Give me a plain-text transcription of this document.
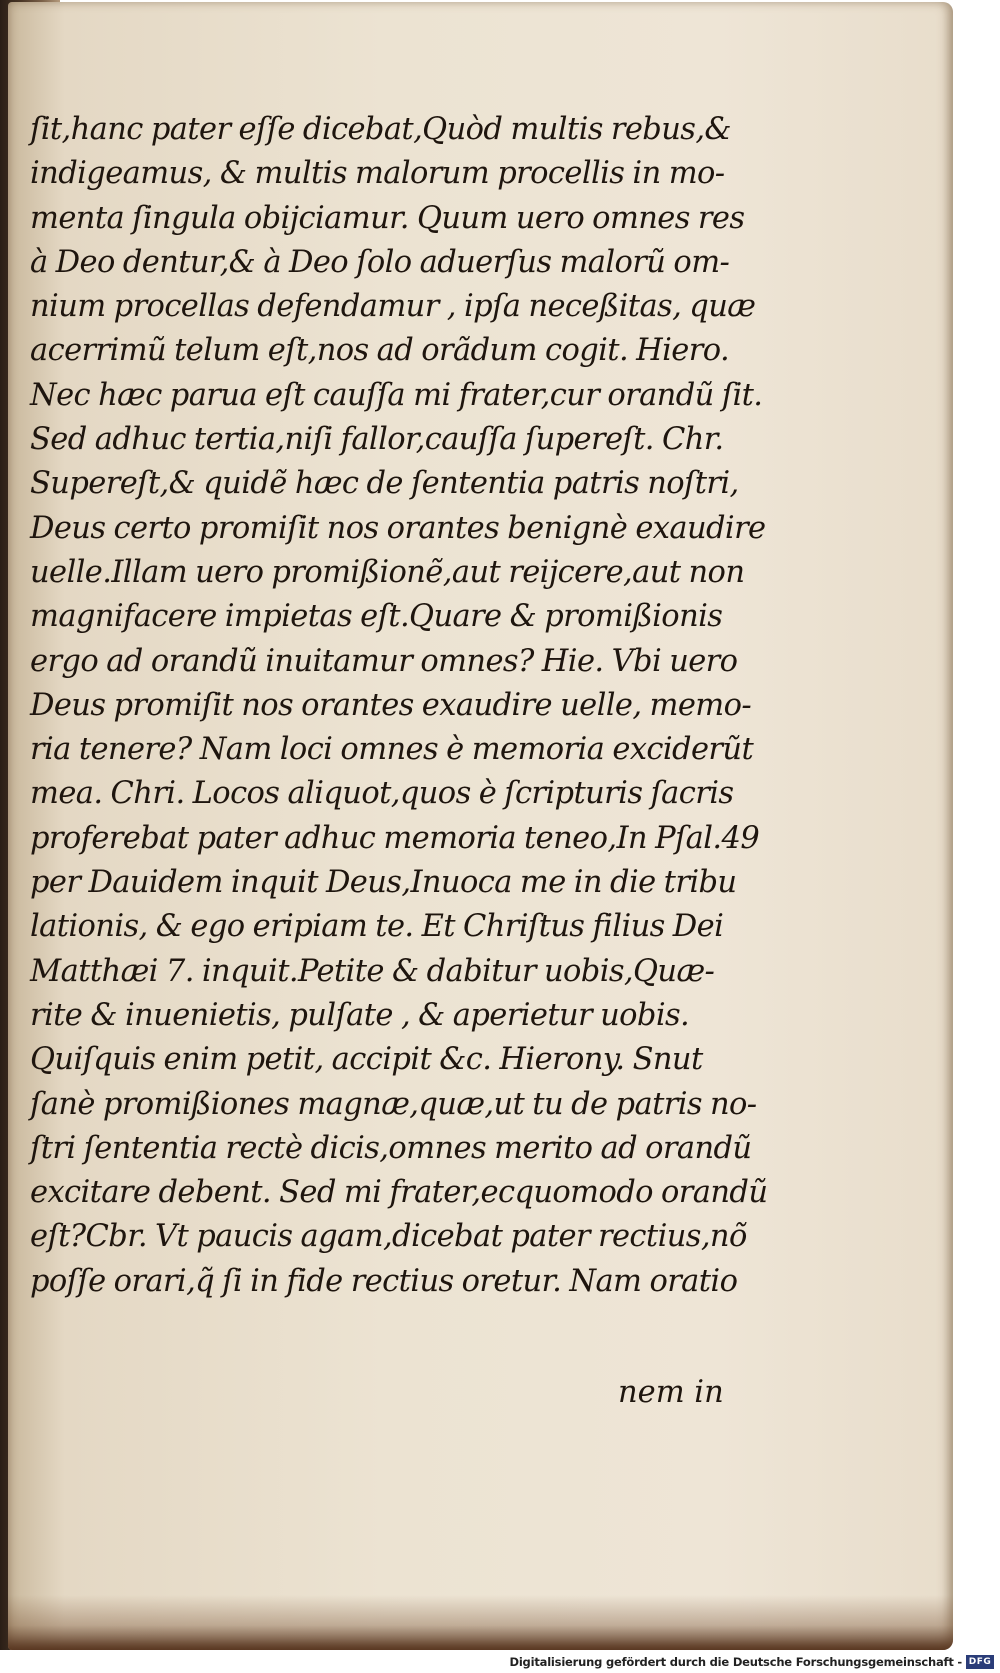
ſit,hanc pater eſſe dicebat,Quòd multis rebus,&
indigeamus, & multis malorum procellis in mo-
menta ſingula obijciamur. Quum uero omnes res
à Deo dentur,& à Deo ſolo aduerſus malorũ om-
nium procellas defendamur , ipſa neceßitas, quæ
acerrimũ telum eſt,nos ad orãdum cogit. Hiero.
Nec hæc parua eſt cauſſa mi frater,cur orandũ ſit.
Sed adhuc tertia,niſi fallor,cauſſa ſupereſt. Chr.
Supereſt,& quidẽ hæc de ſententia patris noſtri,
Deus certo promiſit nos orantes benignè exaudire
uelle.Illam uero promißionẽ,aut reijcere,aut non
magnifacere impietas eſt.Quare & promißionis
ergo ad orandũ inuitamur omnes? Hie. Vbi uero
Deus promiſit nos orantes exaudire uelle, memo-
ria tenere? Nam loci omnes è memoria exciderũt
mea. Chri. Locos aliquot,quos è ſcripturis ſacris
proferebat pater adhuc memoria teneo,In Pſal.49
per Dauidem inquit Deus,Inuoca me in die tribu
lationis, & ego eripiam te. Et Chriſtus filius Dei
Matthæi 7. inquit.Petite & dabitur uobis,Quæ-
rite & inuenietis, pulſate , & aperietur uobis.
Quiſquis enim petit, accipit &c. Hierony. Snut
ſanè promißiones magnæ,quæ,ut tu de patris no-
ſtri ſententia rectè dicis,omnes merito ad orandũ
excitare debent. Sed mi frater,ecquomodo orandũ
eſt?Cbr. Vt paucis agam,dicebat pater rectius,nõ
poſſe orari,q̃ ſi in fide rectius oretur. Nam oratio
nem in
Digitalisierung gefördert durch die Deutsche Forschungsgemeinschaft - DFG
